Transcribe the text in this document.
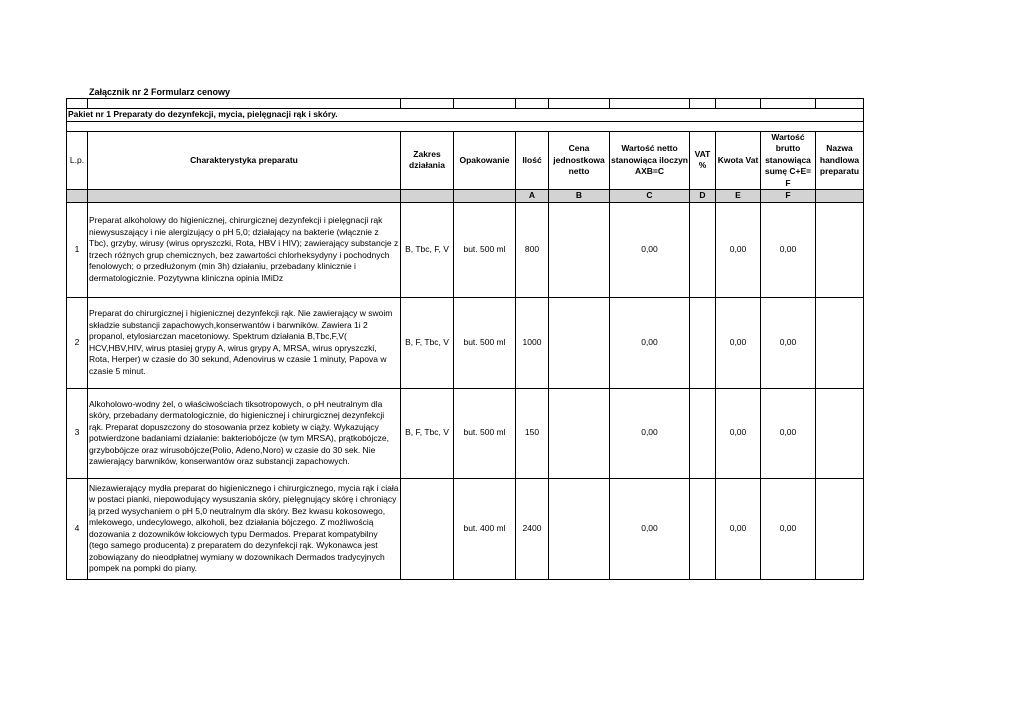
Załącznik nr 2 Formularz cenowy

Pakiet nr 1 Preparaty do dezynfekcji, mycia, pielęgnacji rąk i skóry.										

L.p.	Charakterystyka preparatu	Zakres działania	Opakowanie	Ilość	Cena jednostkowa netto	Wartość netto stanowiąca iloczyn AXB=C	VAT %	Kwota Vat	Wartość brutto stanowiąca sumę C+E= F	Nazwa handlowa preparatu
				A	B	C	D	E	F	
1	Preparat alkoholowy do higienicznej, chirurgicznej dezynfekcji i pielęgnacji rąk niewysuszający i nie alergizujący o pH 5,0; działający na bakterie (włącznie z Tbc), grzyby, wirusy (wirus opryszczki, Rota, HBV i HIV); zawierający substancje z trzech różnych grup chemicznych, bez zawartości chlorheksydyny i pochodnych fenolowych; o przedłużonym (min 3h) działaniu, przebadany klinicznie i dermatologicznie. Pozytywna kliniczna opinia IMiDz	B, Tbc, F, V	but. 500 ml	800		0,00		0,00	0,00	
2	Preparat do chirurgicznej i higienicznej dezynfekcji rąk. Nie zawierający w swoim składzie substancji zapachowych,konserwantów i barwników. Zawiera 1i 2 propanol, etylosiarczan macetoniowy. Spektrum działania B,Tbc,F,V( HCV,HBV,HIV, wirus ptasiej grypy A, wirus grypy A, MRSA, wirus opryszczki, Rota, Herper) w czasie do 30 sekund, Adenovirus w czasie 1 minuty, Papova w czasie 5 minut.	B, F, Tbc, V	but. 500 ml	1000		0,00		0,00	0,00	
3	Alkoholowo-wodny żel, o właściwościach tiksotropowych, o pH neutralnym dla skóry, przebadany dermatologicznie, do higienicznej i chirurgicznej dezynfekcji rąk. Preparat dopuszczony do stosowania przez kobiety w ciąży. Wykazujący potwierdzone badaniami działanie: bakteriobójcze (w tym MRSA), prątkobójcze, grzybobójcze oraz wirusobójcze(Polio, Adeno,Noro) w czasie do 30 sek. Nie zawierający barwników, konserwantów oraz substancji zapachowych.	B, F, Tbc, V	but. 500 ml	150		0,00		0,00	0,00	
4	Niezawierający mydła preparat do higienicznego i chirurgicznego, mycia rąk i ciała w postaci pianki, niepowodujący wysuszania skóry, pielęgnujący skórę i chroniący ją przed wysychaniem o pH 5,0 neutralnym dla skóry. Bez kwasu kokosowego, mlekowego, undecylowego, alkoholi, bez działania bójczego. Z możliwością dozowania z dozowników łokciowych typu Dermados. Preparat kompatybilny (tego samego producenta) z preparatem do dezynfekcji rąk. Wykonawca jest zobowiązany do nieodpłatnej wymiany w dozownikach Dermados tradycyjnych pompek na pompki do piany.		but. 400 ml	2400		0,00		0,00	0,00	
